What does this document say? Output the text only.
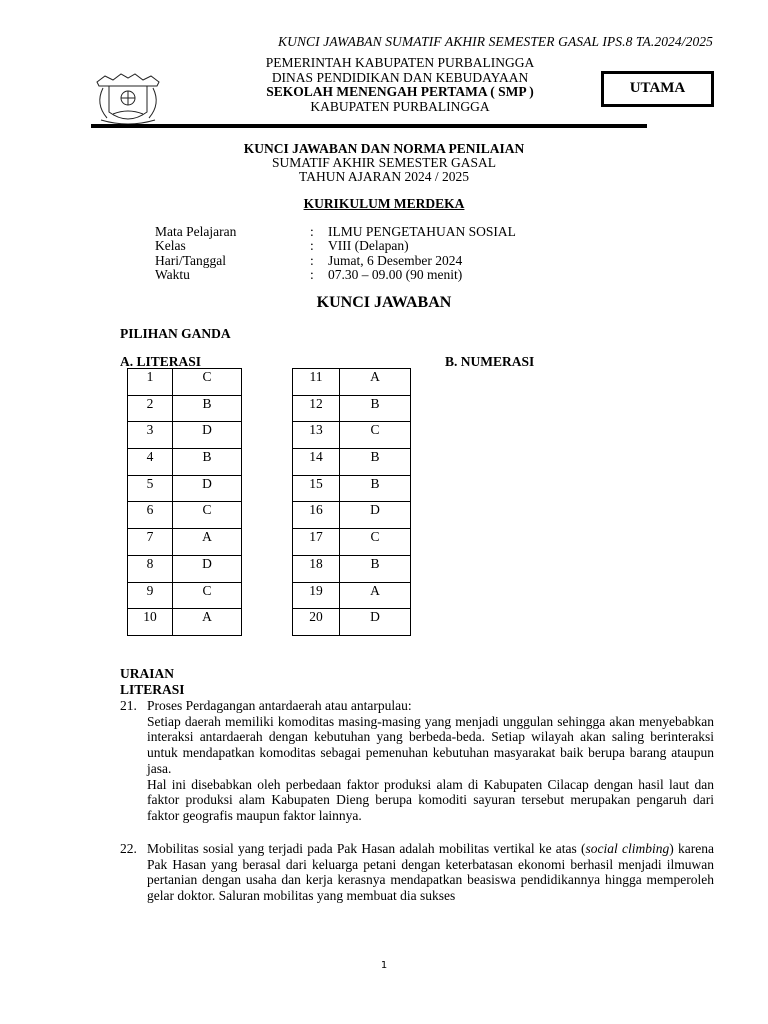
KUNCI JAWABAN SUMATIF AKHIR SEMESTER GASAL IPS.8 TA.2024/2025
PEMERINTAH KABUPATEN PURBALINGGA
DINAS PENDIDIKAN DAN KEBUDAYAAN
SEKOLAH MENENGAH PERTAMA ( SMP )
KABUPATEN PURBALINGGA
UTAMA
KUNCI JAWABAN DAN NORMA PENILAIAN
SUMATIF AKHIR SEMESTER GASAL
TAHUN AJARAN 2024 / 2025
KURIKULUM MERDEKA
Mata Pelajaran	:	ILMU PENGETAHUAN SOSIAL
Kelas	:	VIII (Delapan)
Hari/Tanggal	:	Jumat, 6 Desember 2024
Waktu	:	07.30 – 09.00 (90 menit)
KUNCI JAWABAN
PILIHAN GANDA
A. LITERASI	B. NUMERASI
1	C
2	B
3	D
4	B
5	D
6	C
7	A
8	D
9	C
10	A
11	A
12	B
13	C
14	B
15	B
16	D
17	C
18	B
19	A
20	D
URAIAN
LITERASI
21. Proses Perdagangan antardaerah atau antarpulau:

Setiap daerah memiliki komoditas masing-masing yang menjadi unggulan sehingga akan menyebabkan interaksi antardaerah dengan kebutuhan yang berbeda-beda. Setiap wilayah akan saling berinteraksi untuk mendapatkan komoditas sebagai pemenuhan kebutuhan masyarakat baik berupa barang ataupun jasa.

Hal ini disebabkan oleh perbedaan faktor produksi alam di Kabupaten Cilacap dengan hasil laut dan faktor produksi alam Kabupaten Dieng berupa komoditi sayuran tersebut merupakan pengaruh dari faktor geografis maupun faktor lainnya.

22. Mobilitas sosial yang terjadi pada Pak Hasan adalah mobilitas vertikal ke atas (social climbing) karena Pak Hasan yang berasal dari keluarga petani dengan keterbatasan ekonomi berhasil menjadi ilmuwan pertanian dengan usaha dan kerja kerasnya mendapatkan beasiswa pendidikannya hingga memperoleh gelar doktor. Saluran mobilitas yang membuat dia sukses

1
